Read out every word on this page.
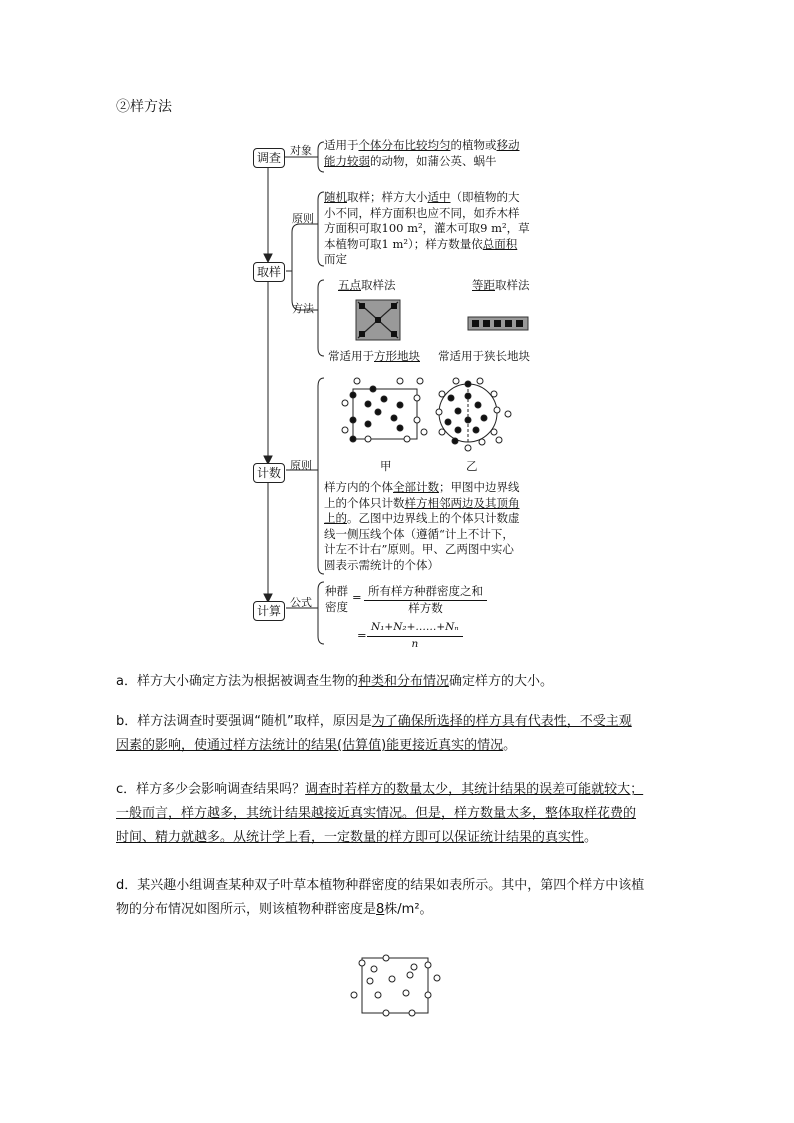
②样方法
调查
取样
计数
计算
对象
原则
方法
原则
公式
适用于个体分布比较均匀的植物或移动
能力较弱的动物，如蒲公英、蜗牛
随机取样；样方大小适中（即植物的大
小不同，样方面积也应不同，如乔木样
方面积可取100 m²，灌木可取9 m²，草
本植物可取1 m²）；样方数量依总面积
而定
五点取样法	等距取样法
常适用于方形地块 常适用于狭长地块
甲	乙
样方内的个体全部计数；甲图中边界线
上的个体只计数样方相邻两边及其顶角
上的。乙图中边界线上的个体只计数虚
线一侧压线个体（遵循“计上不计下，
计左不计右”原则。甲、乙两图中实心
圆表示需统计的个体）
种群
密度
= 所有样方种群密度之和
样方数
=
N₁+N₂+……+Nₙ
n
a．样方大小确定方法为根据被调查生物的种类和分布情况确定样方的大小。
b．样方法调查时要强调“随机”取样，原因是为了确保所选择的样方具有代表性，不受主观
因素的影响，使通过样方法统计的结果(估算值)能更接近真实的情况。
c．样方多少会影响调查结果吗？调查时若样方的数量太少，其统计结果的误差可能就较大；
一般而言，样方越多，其统计结果越接近真实情况。但是，样方数量太多，整体取样花费的
时间、精力就越多。从统计学上看，一定数量的样方即可以保证统计结果的真实性。
d．某兴趣小组调查某种双子叶草本植物种群密度的结果如表所示。其中，第四个样方中该植
物的分布情况如图所示，则该植物种群密度是8株/m²。
